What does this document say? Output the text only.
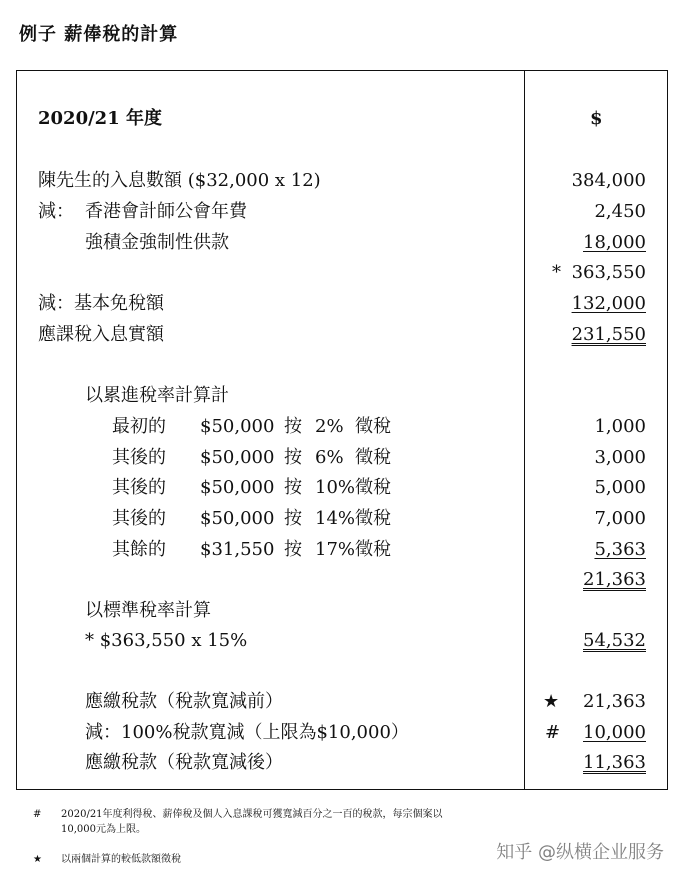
例子 薪俸稅的計算
2020/21 年度	$
陳先生的入息數額 ($32,000 x 12)	384,000
減： 香港會計師公會年費	2,450
強積金強制性供款	18,000
* 363,550
減：基本免稅額	132,000
應課稅入息實額	231,550
以累進稅率計算計
最初的 $50,000 按 2% 徵稅	1,000
其後的 $50,000 按 6% 徵稅	3,000
其後的 $50,000 按 10% 徵稅	5,000
其後的 $50,000 按 14% 徵稅	7,000
其餘的 $31,550 按 17% 徵稅	5,363
21,363
以標準稅率計算
* $363,550 x 15%	54,532
應繳稅款（稅款寬減前）	★ 21,363
減：100%稅款寬減（上限為$10,000）	# 10,000
應繳稅款（稅款寬減後）	11,363
# 2020/21年度利得稅、薪俸稅及個人入息課稅可獲寬減百分之一百的稅款，每宗個案以
10,000元為上限。
★ 以兩個計算的較低款額徵稅	知乎 @纵横企业服务
